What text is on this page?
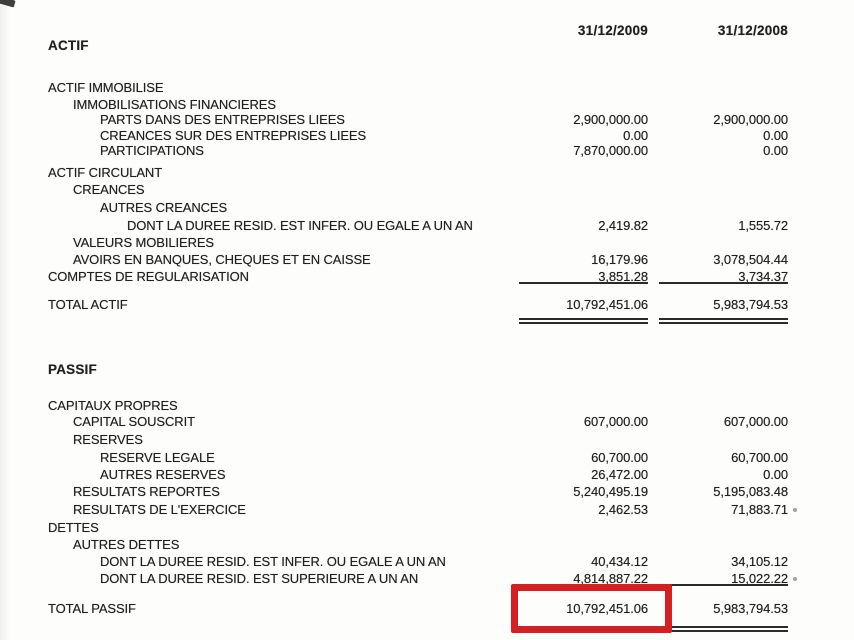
31/12/2009	31/12/2008
ACTIF
ACTIF IMMOBILISE
IMMOBILISATIONS FINANCIERES
PARTS DANS DES ENTREPRISES LIEES	2,900,000.00	2,900,000.00
CREANCES SUR DES ENTREPRISES LIEES	0.00	0.00
PARTICIPATIONS	7,870,000.00	0.00
ACTIF CIRCULANT
CREANCES
AUTRES CREANCES
DONT LA DUREE RESID. EST INFER. OU EGALE A UN AN	2,419.82	1,555.72
VALEURS MOBILIERES
AVOIRS EN BANQUES, CHEQUES ET EN CAISSE	16,179.96	3,078,504.44
COMPTES DE REGULARISATION	3,851.28	3,734.37
TOTAL ACTIF	10,792,451.06	5,983,794.53
PASSIF
CAPITAUX PROPRES
CAPITAL SOUSCRIT	607,000.00	607,000.00
RESERVES
RESERVE LEGALE	60,700.00	60,700.00
AUTRES RESERVES	26,472.00	0.00
RESULTATS REPORTES	5,240,495.19	5,195,083.48
RESULTATS DE L'EXERCICE	2,462.53	71,883.71
DETTES
AUTRES DETTES
DONT LA DUREE RESID. EST INFER. OU EGALE A UN AN	40,434.12	34,105.12
DONT LA DUREE RESID. EST SUPERIEURE A UN AN	4,814,887.22	15,022.22
TOTAL PASSIF	10,792,451.06	5,983,794.53
